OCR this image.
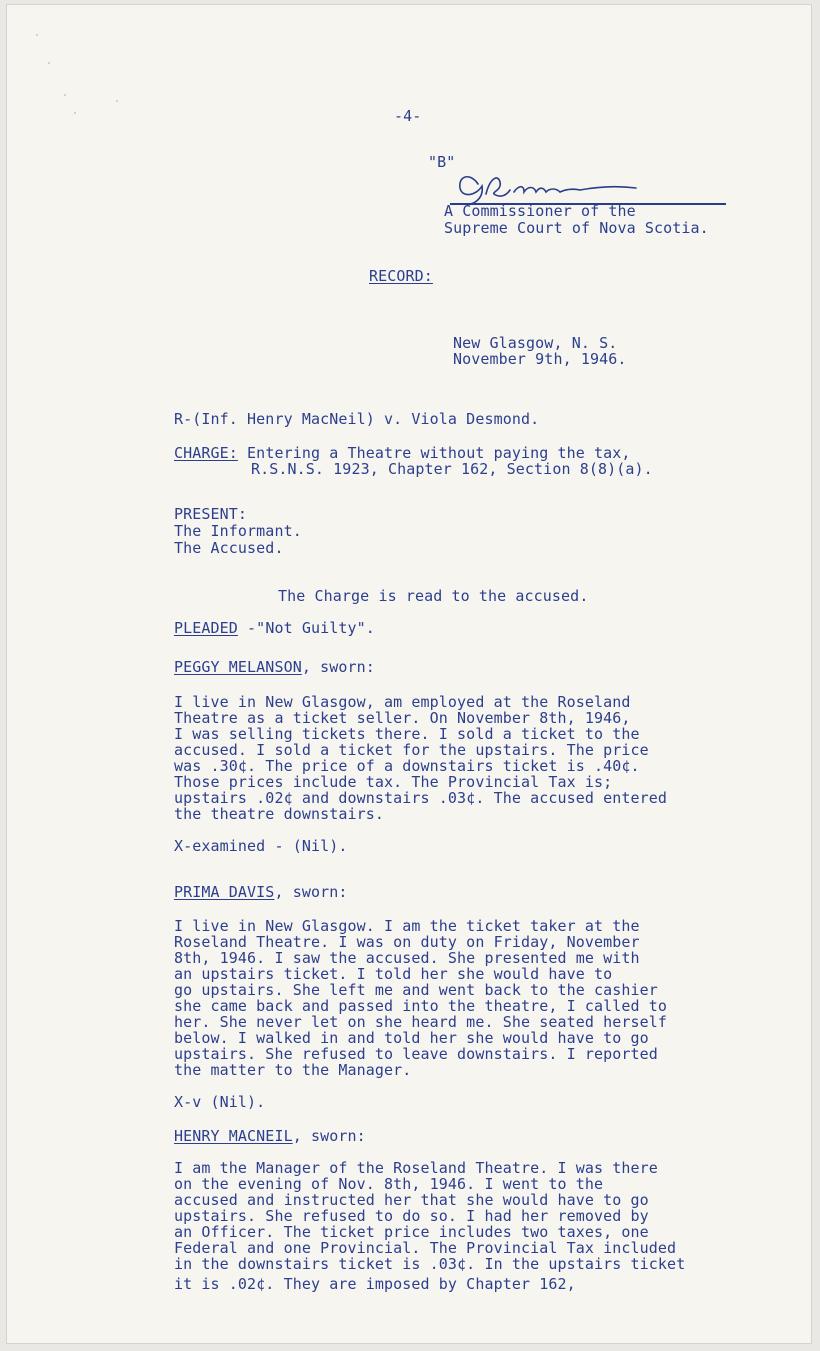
-4-
"B"
A Commissioner of the
Supreme Court of Nova Scotia.
RECORD:
New Glasgow, N. S.
November 9th, 1946.
R-(Inf. Henry MacNeil) v. Viola Desmond.
CHARGE: Entering a Theatre without paying the tax,
R.S.N.S. 1923, Chapter 162, Section 8(8)(a).
PRESENT:
The Informant.
The Accused.
The Charge is read to the accused.
PLEADED -"Not Guilty".
PEGGY MELANSON, sworn:
I live in New Glasgow, am employed at the Roseland
Theatre as a ticket seller. On November 8th, 1946,
I was selling tickets there. I sold a ticket to the
accused. I sold a ticket for the upstairs. The price
was .30¢. The price of a downstairs ticket is .40¢.
Those prices include tax. The Provincial Tax is;
upstairs .02¢ and downstairs .03¢. The accused entered
the theatre downstairs.
X-examined - (Nil).
PRIMA DAVIS, sworn:
I live in New Glasgow. I am the ticket taker at the
Roseland Theatre. I was on duty on Friday, November
8th, 1946. I saw the accused. She presented me with
an upstairs ticket. I told her she would have to
go upstairs. She left me and went back to the cashier
she came back and passed into the theatre, I called to
her. She never let on she heard me. She seated herself
below. I walked in and told her she would have to go
upstairs. She refused to leave downstairs. I reported
the matter to the Manager.
X-v (Nil).
HENRY MACNEIL, sworn:
I am the Manager of the Roseland Theatre. I was there
on the evening of Nov. 8th, 1946. I went to the
accused and instructed her that she would have to go
upstairs. She refused to do so. I had her removed by
an Officer. The ticket price includes two taxes, one
Federal and one Provincial. The Provincial Tax included
in the downstairs ticket is .03¢. In the upstairs ticket
it is .02¢. They are imposed by Chapter 162,
